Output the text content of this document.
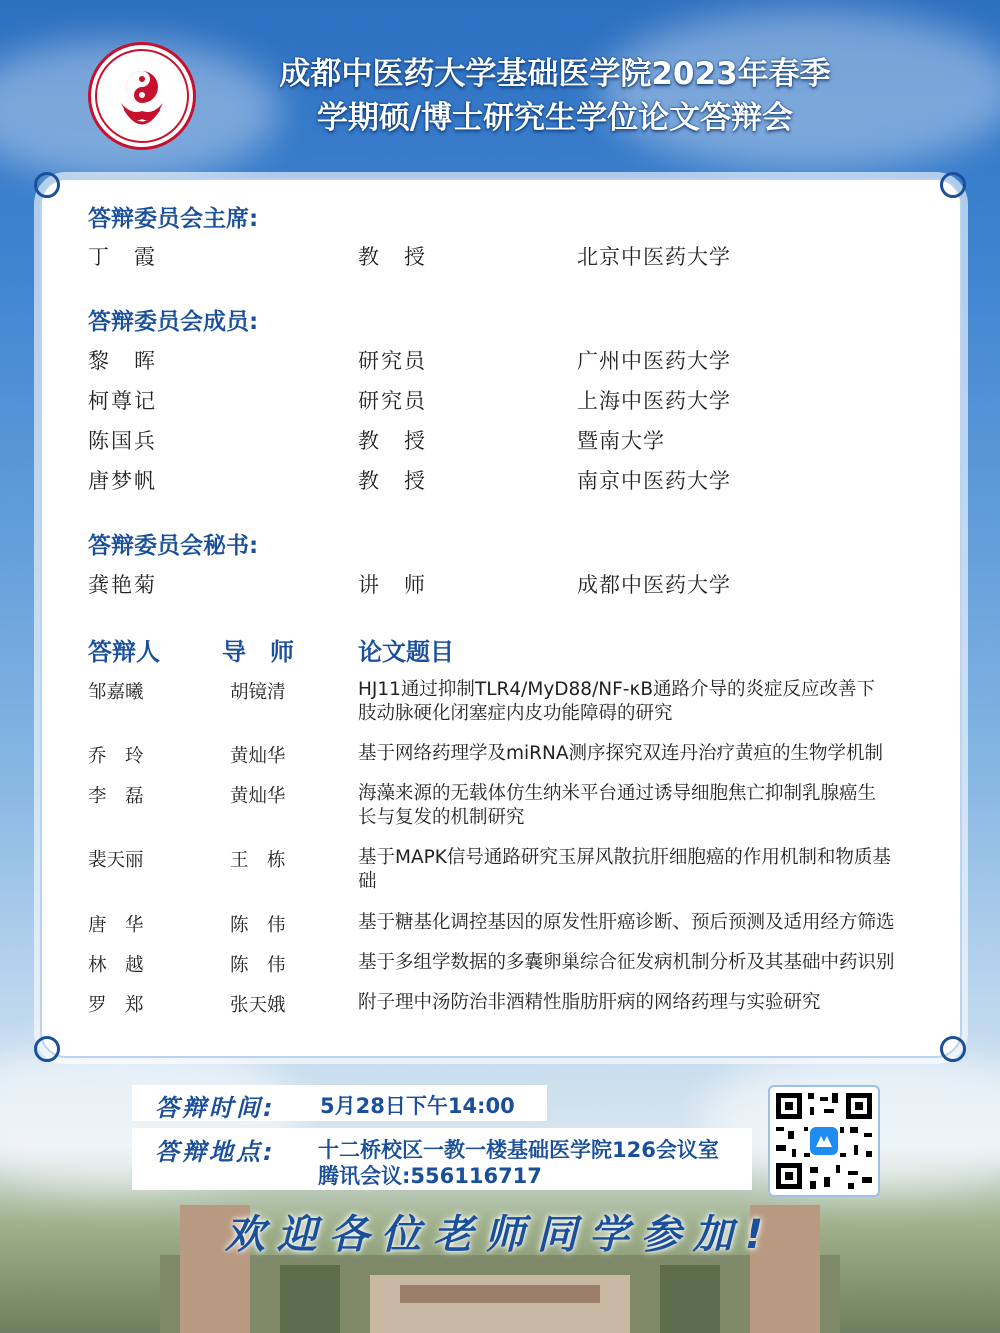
成都中医药大学基础医学院2023年春季
学期硕/博士研究生学位论文答辩会
答辩委员会主席:
丁　霞	教　授	北京中医药大学
答辩委员会成员:
黎　晖	研究员	广州中医药大学
柯尊记	研究员	上海中医药大学
陈国兵	教　授	暨南大学
唐梦帆	教　授	南京中医药大学
答辩委员会秘书:
龚艳菊	讲　师	成都中医药大学
答辩人	导　师	论文题目
邹嘉曦	胡镜清	HJ11通过抑制TLR4/MyD88/NF-κB通路介导的炎症反应改善下肢动脉硬化闭塞症内皮功能障碍的研究
乔　玲	黄灿华	基于网络药理学及miRNA测序探究双连丹治疗黄疸的生物学机制
李　磊	黄灿华	海藻来源的无载体仿生纳米平台通过诱导细胞焦亡抑制乳腺癌生长与复发的机制研究
裴天丽	王　栋	基于MAPK信号通路研究玉屏风散抗肝细胞癌的作用机制和物质基础
唐　华	陈　伟	基于糖基化调控基因的原发性肝癌诊断、预后预测及适用经方筛选
林　越	陈　伟	基于多组学数据的多囊卵巢综合征发病机制分析及其基础中药识别
罗　郑	张天娥	附子理中汤防治非酒精性脂肪肝病的网络药理与实验研究
答辩时间: 5月28日下午14:00
答辩地点: 十二桥校区一教一楼基础医学院126会议室
腾讯会议:556116717
欢迎各位老师同学参加!
